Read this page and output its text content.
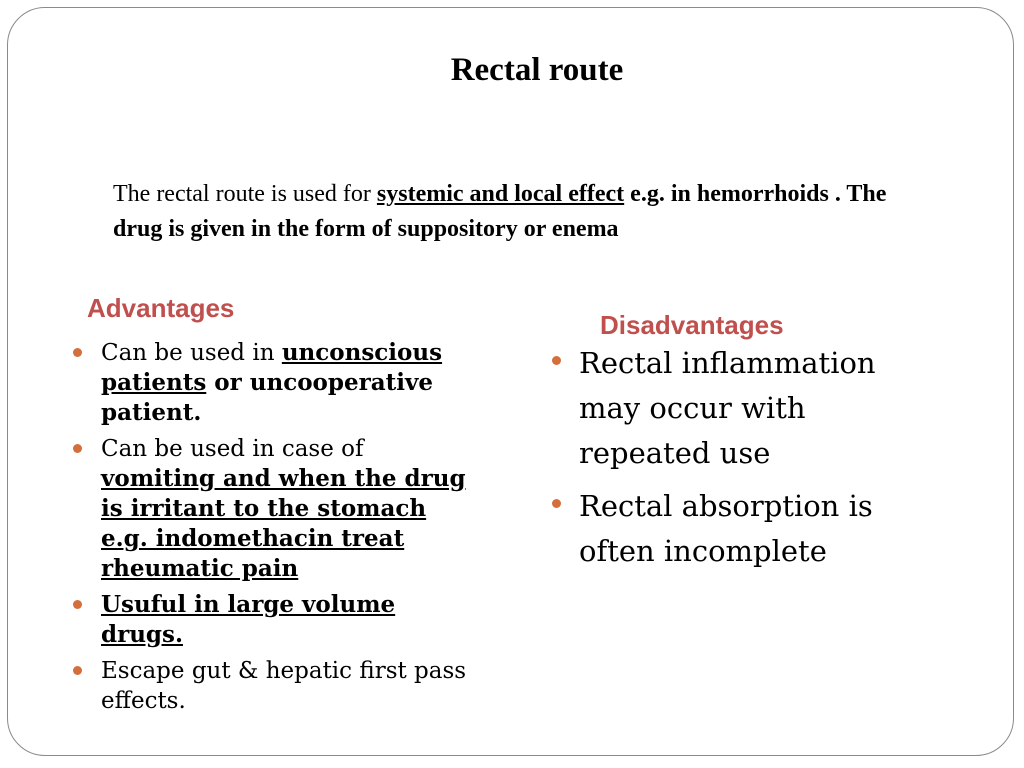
Rectal route

The rectal route is used for systemic and local effect e.g. in hemorrhoids . The drug is given in the form of suppository or enema

Advantages
Can be used in unconscious patients or uncooperative patient.
Can be used in case of vomiting and when the drug is irritant to the stomach e.g. indomethacin treat rheumatic pain
Usuful in large volume drugs.
Escape gut & hepatic first pass effects.
Disadvantages
Rectal inflammation may occur with repeated use
Rectal absorption is often incomplete
